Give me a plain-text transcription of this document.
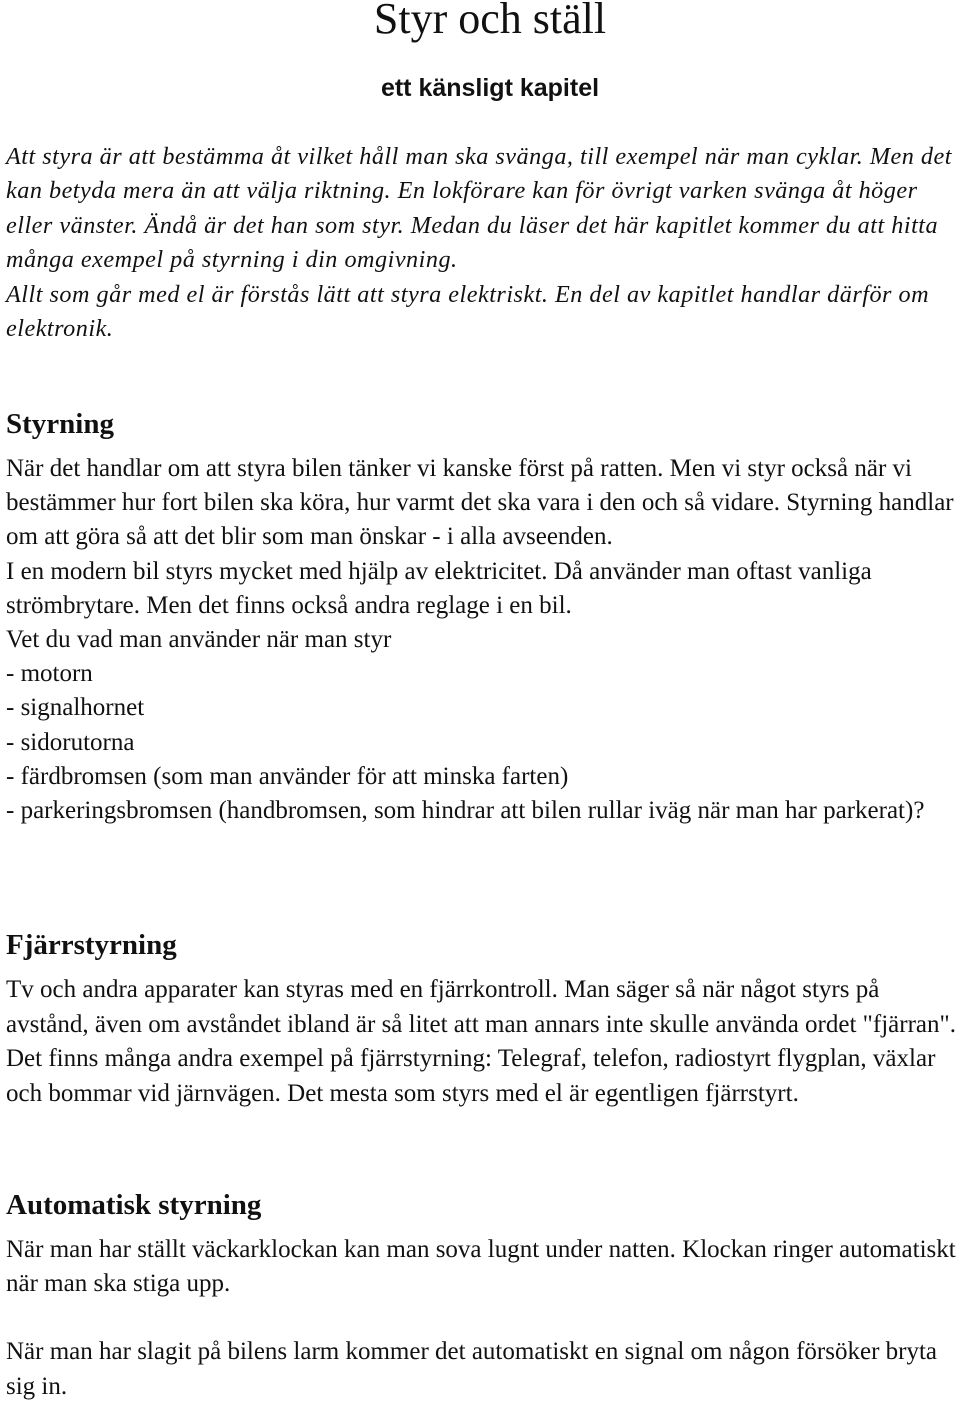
Styr och ställ
ett känsligt kapitel

Att styra är att bestämma åt vilket håll man ska svänga, till exempel när man cyklar. Men det kan betyda mera än att välja riktning. En lokförare kan för övrigt varken svänga åt höger eller vänster. Ändå är det han som styr. Medan du läser det här kapitlet kommer du att hitta många exempel på styrning i din omgivning.

Allt som går med el är förstås lätt att styra elektriskt. En del av kapitlet handlar därför om elektronik.

Styrning

När det handlar om att styra bilen tänker vi kanske först på ratten. Men vi styr också när vi bestämmer hur fort bilen ska köra, hur varmt det ska vara i den och så vidare. Styrning handlar om att göra så att det blir som man önskar - i alla avseenden.

I en modern bil styrs mycket med hjälp av elektricitet. Då använder man oftast vanliga strömbrytare. Men det finns också andra reglage i en bil.

Vet du vad man använder när man styr

- motorn

- signalhornet

- sidorutorna

- färdbromsen (som man använder för att minska farten)

- parkeringsbromsen (handbromsen, som hindrar att bilen rullar iväg när man har parkerat)?

Fjärrstyrning

Tv och andra apparater kan styras med en fjärrkontroll. Man säger så när något styrs på avstånd, även om avståndet ibland är så litet att man annars inte skulle använda ordet "fjärran". Det finns många andra exempel på fjärrstyrning: Telegraf, telefon, radiostyrt flygplan, växlar och bommar vid järnvägen. Det mesta som styrs med el är egentligen fjärrstyrt.

Automatisk styrning

När man har ställt väckarklockan kan man sova lugnt under natten. Klockan ringer automatiskt när man ska stiga upp.

När man har slagit på bilens larm kommer det automatiskt en signal om någon försöker bryta sig in.
